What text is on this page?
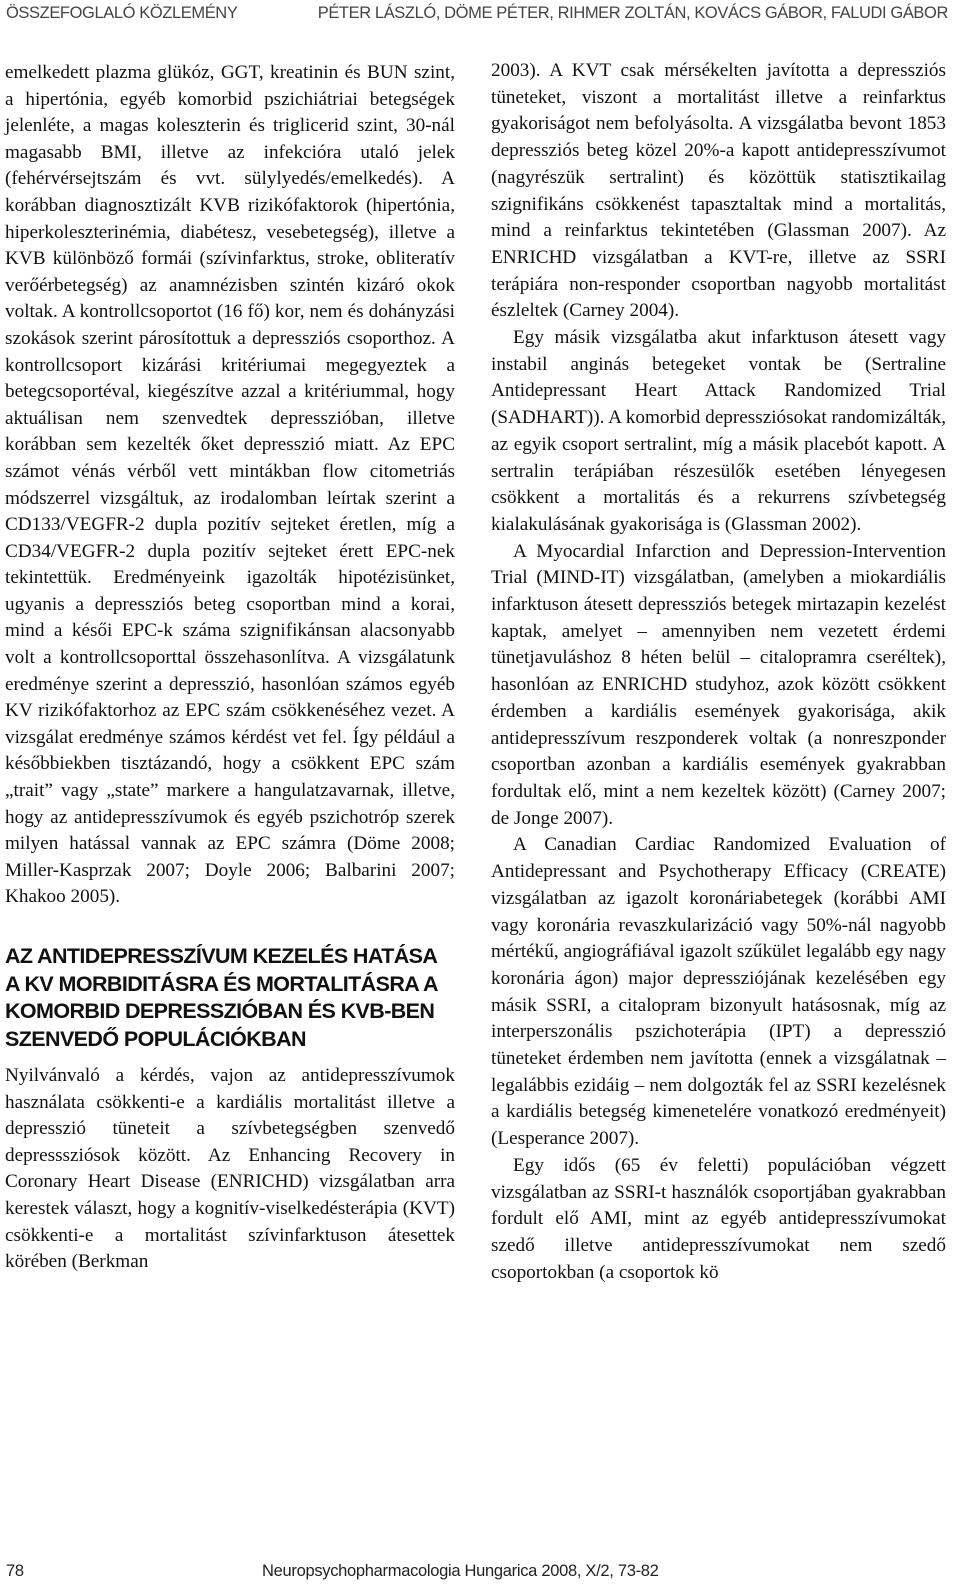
ÖSSZEFOGLALÓ KÖZLEMÉNY	PÉTER LÁSZLÓ, DÖME PÉTER, RIHMER ZOLTÁN, KOVÁCS GÁBOR, FALUDI GÁBOR

emelkedett plazma glükóz, GGT, kreatinin és BUN szint, a hipertónia, egyéb komorbid pszichiátriai betegségek jelenléte, a magas koleszterin és triglicerid szint, 30-nál magasabb BMI, illetve az infekcióra utaló jelek (fehérvérsejtszám és vvt. sülylyedés/emelkedés). A korábban diagnosztizált KVB rizikófaktorok (hipertónia, hiperkoleszterinémia, diabétesz, vesebetegség), illetve a KVB különböző formái (szívinfarktus, stroke, obliteratív verőérbetegség) az anamnézisben szintén kizáró okok voltak. A kontrollcsoportot (16 fő) kor, nem és dohányzási szokások szerint párosítottuk a depressziós csoporthoz. A kontrollcsoport kizárási kritériumai megegyeztek a betegcsoportéval, kiegészítve azzal a kritériummal, hogy aktuálisan nem szenvedtek depresszióban, illetve korábban sem kezelték őket depresszió miatt. Az EPC számot vénás vérből vett mintákban flow citometriás módszerrel vizsgáltuk, az irodalomban leírtak szerint a CD133/VEGFR-2 dupla pozitív sejteket éretlen, míg a CD34/VEGFR-2 dupla pozitív sejteket érett EPC-nek tekintettük. Eredményeink igazolták hipotézisünket, ugyanis a depressziós beteg csoportban mind a korai, mind a késői EPC-k száma szignifikánsan alacsonyabb volt a kontrollcsoporttal összehasonlítva. A vizsgálatunk eredménye szerint a depresszió, hasonlóan számos egyéb KV rizikófaktorhoz az EPC szám csökkenéséhez vezet. A vizsgálat eredménye számos kérdést vet fel. Így például a későbbiekben tisztázandó, hogy a csökkent EPC szám „trait” vagy „state” markere a hangulatzavarnak, illetve, hogy az antidepresszívumok és egyéb pszichotróp szerek milyen hatással vannak az EPC számra (Döme 2008; Miller-Kasprzak 2007; Doyle 2006; Balbarini 2007; Khakoo 2005).

AZ ANTIDEPRESSZÍVUM KEZELÉS HATÁSA A KV MORBIDITÁSRA ÉS MORTALITÁSRA A KOMORBID DEPRESSZIÓBAN ÉS KVB-BEN SZENVEDŐ POPULÁCIÓKBAN

Nyilvánvaló a kérdés, vajon az antidepresszívumok használata csökkenti-e a kardiális mortalitást illetve a depresszió tüneteit a szívbetegségben szenvedő depresssziósok között. Az Enhancing Recovery in Coronary Heart Disease (ENRICHD) vizsgálatban arra kerestek választ, hogy a kognitív-viselkedésterápia (KVT) csökkenti-e a mortalitást szívinfarktuson átesettek körében (Berkman

2003). A KVT csak mérsékelten javította a depressziós tüneteket, viszont a mortalitást illetve a reinfarktus gyakoriságot nem befolyásolta. A vizsgálatba bevont 1853 depressziós beteg közel 20%-a kapott antidepresszívumot (nagyrészük sertralint) és közöttük statisztikailag szignifikáns csökkenést tapasztaltak mind a mortalitás, mind a reinfarktus tekintetében (Glassman 2007). Az ENRICHD vizsgálatban a KVT-re, illetve az SSRI terápiára non-responder csoportban nagyobb mortalitást észleltek (Carney 2004).

Egy másik vizsgálatba akut infarktuson átesett vagy instabil anginás betegeket vontak be (Sertraline Antidepressant Heart Attack Randomized Trial (SADHART)). A komorbid depressziósokat randomizálták, az egyik csoport sertralint, míg a másik placebót kapott. A sertralin terápiában részesülők esetében lényegesen csökkent a mortalitás és a rekurrens szívbetegség kialakulásának gyakorisága is (Glassman 2002).

A Myocardial Infarction and Depression-Intervention Trial (MIND-IT) vizsgálatban, (amelyben a miokardiális infarktuson átesett depressziós betegek mirtazapin kezelést kaptak, amelyet – amennyiben nem vezetett érdemi tünetjavuláshoz 8 héten belül – citalopramra cseréltek), hasonlóan az ENRICHD studyhoz, azok között csökkent érdemben a kardiális események gyakorisága, akik antidepresszívum reszponderek voltak (a nonreszponder csoportban azonban a kardiális események gyakrabban fordultak elő, mint a nem kezeltek között) (Carney 2007; de Jonge 2007).

A Canadian Cardiac Randomized Evaluation of Antidepressant and Psychotherapy Efficacy (CREATE) vizsgálatban az igazolt koronáriabetegek (korábbi AMI vagy koronária revaszkularizáció vagy 50%-nál nagyobb mértékű, angiográfiával igazolt szűkület legalább egy nagy koronária ágon) major depressziójának kezelésében egy másik SSRI, a citalopram bizonyult hatásosnak, míg az interperszonális pszichoterápia (IPT) a depresszió tüneteket érdemben nem javította (ennek a vizsgálatnak – legalábbis ezidáig – nem dolgozták fel az SSRI kezelésnek a kardiális betegség kimenetelére vonatkozó eredményeit) (Lesperance 2007).

Egy idős (65 év feletti) populációban végzett vizsgálatban az SSRI-t használók csoportjában gyakrabban fordult elő AMI, mint az egyéb antidepresszívumokat szedő illetve antidepresszívumokat nem szedő csoportokban (a csoportok kö

78	Neuropsychopharmacologia Hungarica 2008, X/2, 73-82
